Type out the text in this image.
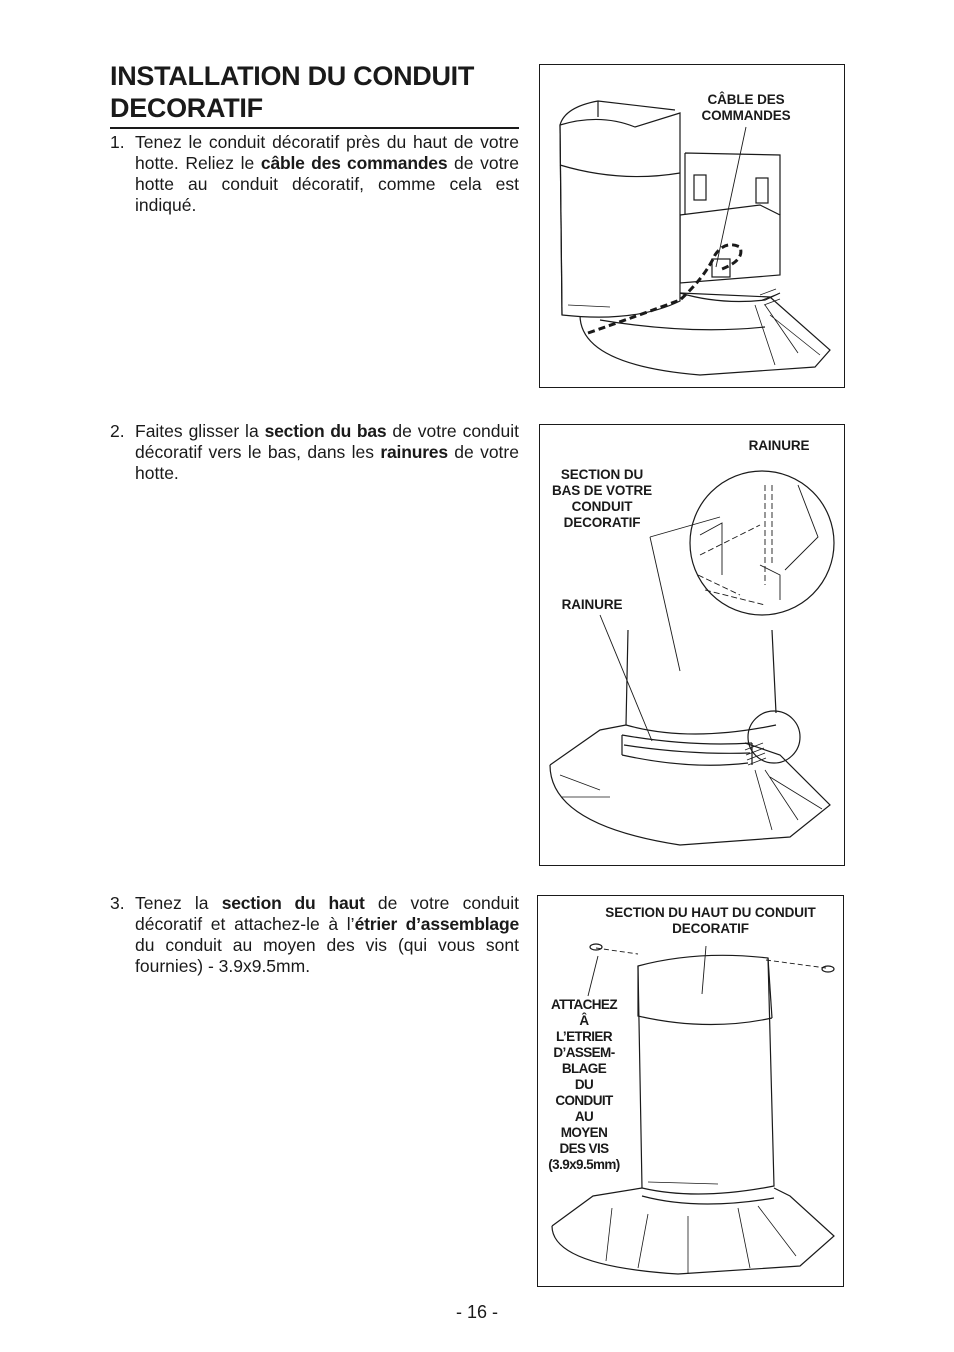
INSTALLATION DU CONDUIT DECORATIF
1. Tenez le conduit décoratif près du haut de votre hotte. Reliez le câble des commandes de votre hotte au conduit décoratif, comme cela est indiqué.
2. Faites glisser la section du bas de votre conduit décoratif vers le bas, dans les rainures de votre hotte.
3. Tenez la section du haut de votre conduit décoratif et attachez-le à l’étrier d’assemblage du conduit au moyen des vis (qui vous sont fournies) - 3.9x9.5mm.
CÂBLE DES
COMMANDES
RAINURE
SECTION DU
BAS DE VOTRE
CONDUIT
DECORATIF
RAINURE
SECTION DU HAUT DU CONDUIT
DECORATIF
ATTACHEZ
Â
L’ETRIER
D’ASSEM-
BLAGE
DU
CONDUIT
AU
MOYEN
DES VIS
(3.9x9.5mm)
- 16 -
